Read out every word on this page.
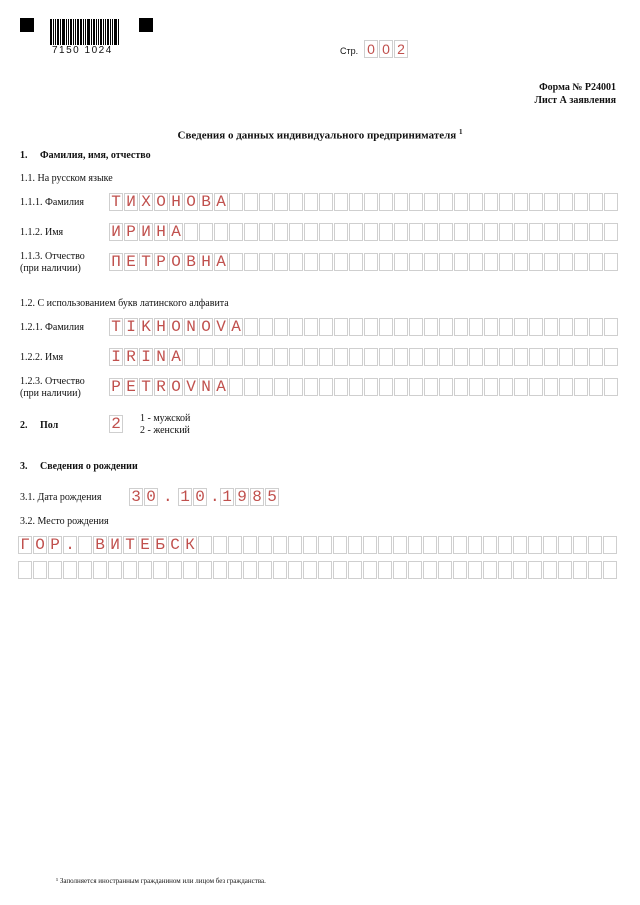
7150 1024	Стр. 0 0 2
Форма № Р24001
Лист А заявления
Сведения о данных индивидуального предпринимателя $^1$
1. Фамилия, имя, отчество
1.1. На русском языке
1.1.1. Фамилия Т И Х О Н О В А
1.1.2. Имя	И Р И Н А
1.1.3. Отчество
(при наличии) П Е Т Р О В Н А
1.2. С использованием букв латинского алфавита
1.2.1. Фамилия T I K H O N O V A
1.2.2. Имя	I R I N A
1.2.3. Отчество
(при наличии) P E T R O V N A
2. Пол	2 1 - мужской
2 - женский
3. Сведения о рождении
3.1. Дата рождения 3 0 . 1 0 . 1 9 8 5
3.2. Место рождения
Г О Р . В И Т Е Б С К
¹ Заполняется иностранным гражданином или лицом без гражданства.
